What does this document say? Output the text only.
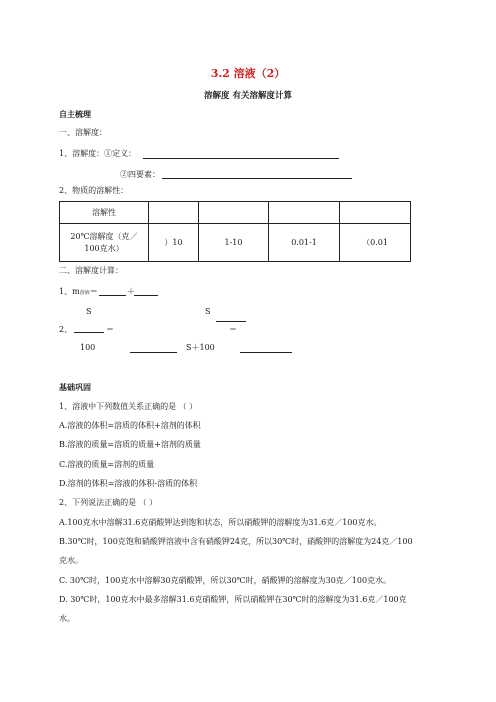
3.2 溶液（2）
溶解度 有关溶解度计算
自主梳理
一、溶解度：
1、溶解度：①定义：
②四要素：
2、物质的溶解性：
溶解性				
20℃溶解度（克／100克水）	）10	1-10	0.01-1	（0.01
二、溶解度计算：
1、m溶液＝	＋
S	S
2、	＝	＝
100	S＋100
基础巩固
1、溶液中下列数值关系正确的是 （ ）
A.溶液的体积=溶质的体积+溶剂的体积
B.溶液的质量=溶质的质量+溶剂的质量
C.溶液的质量=溶剂的质量
D.溶剂的体积=溶液的体积-溶质的体积
2、下列说法正确的是 （ ）
A.100克水中溶解31.6克硝酸钾达到饱和状态，所以硝酸钾的溶解度为31.6克／100克水。
B.30℃时，100克饱和硝酸钾溶液中含有硝酸钾24克，所以30℃时，硝酸钾的溶解度为24克／100
克水。
C. 30℃时，100克水中溶解30克硝酸钾，所以30℃时，硝酸钾的溶解度为30克／100克水。
D. 30℃时，100克水中最多溶解31.6克硝酸钾，所以硝酸钾在30℃时的溶解度为31.6克／100克
水。
